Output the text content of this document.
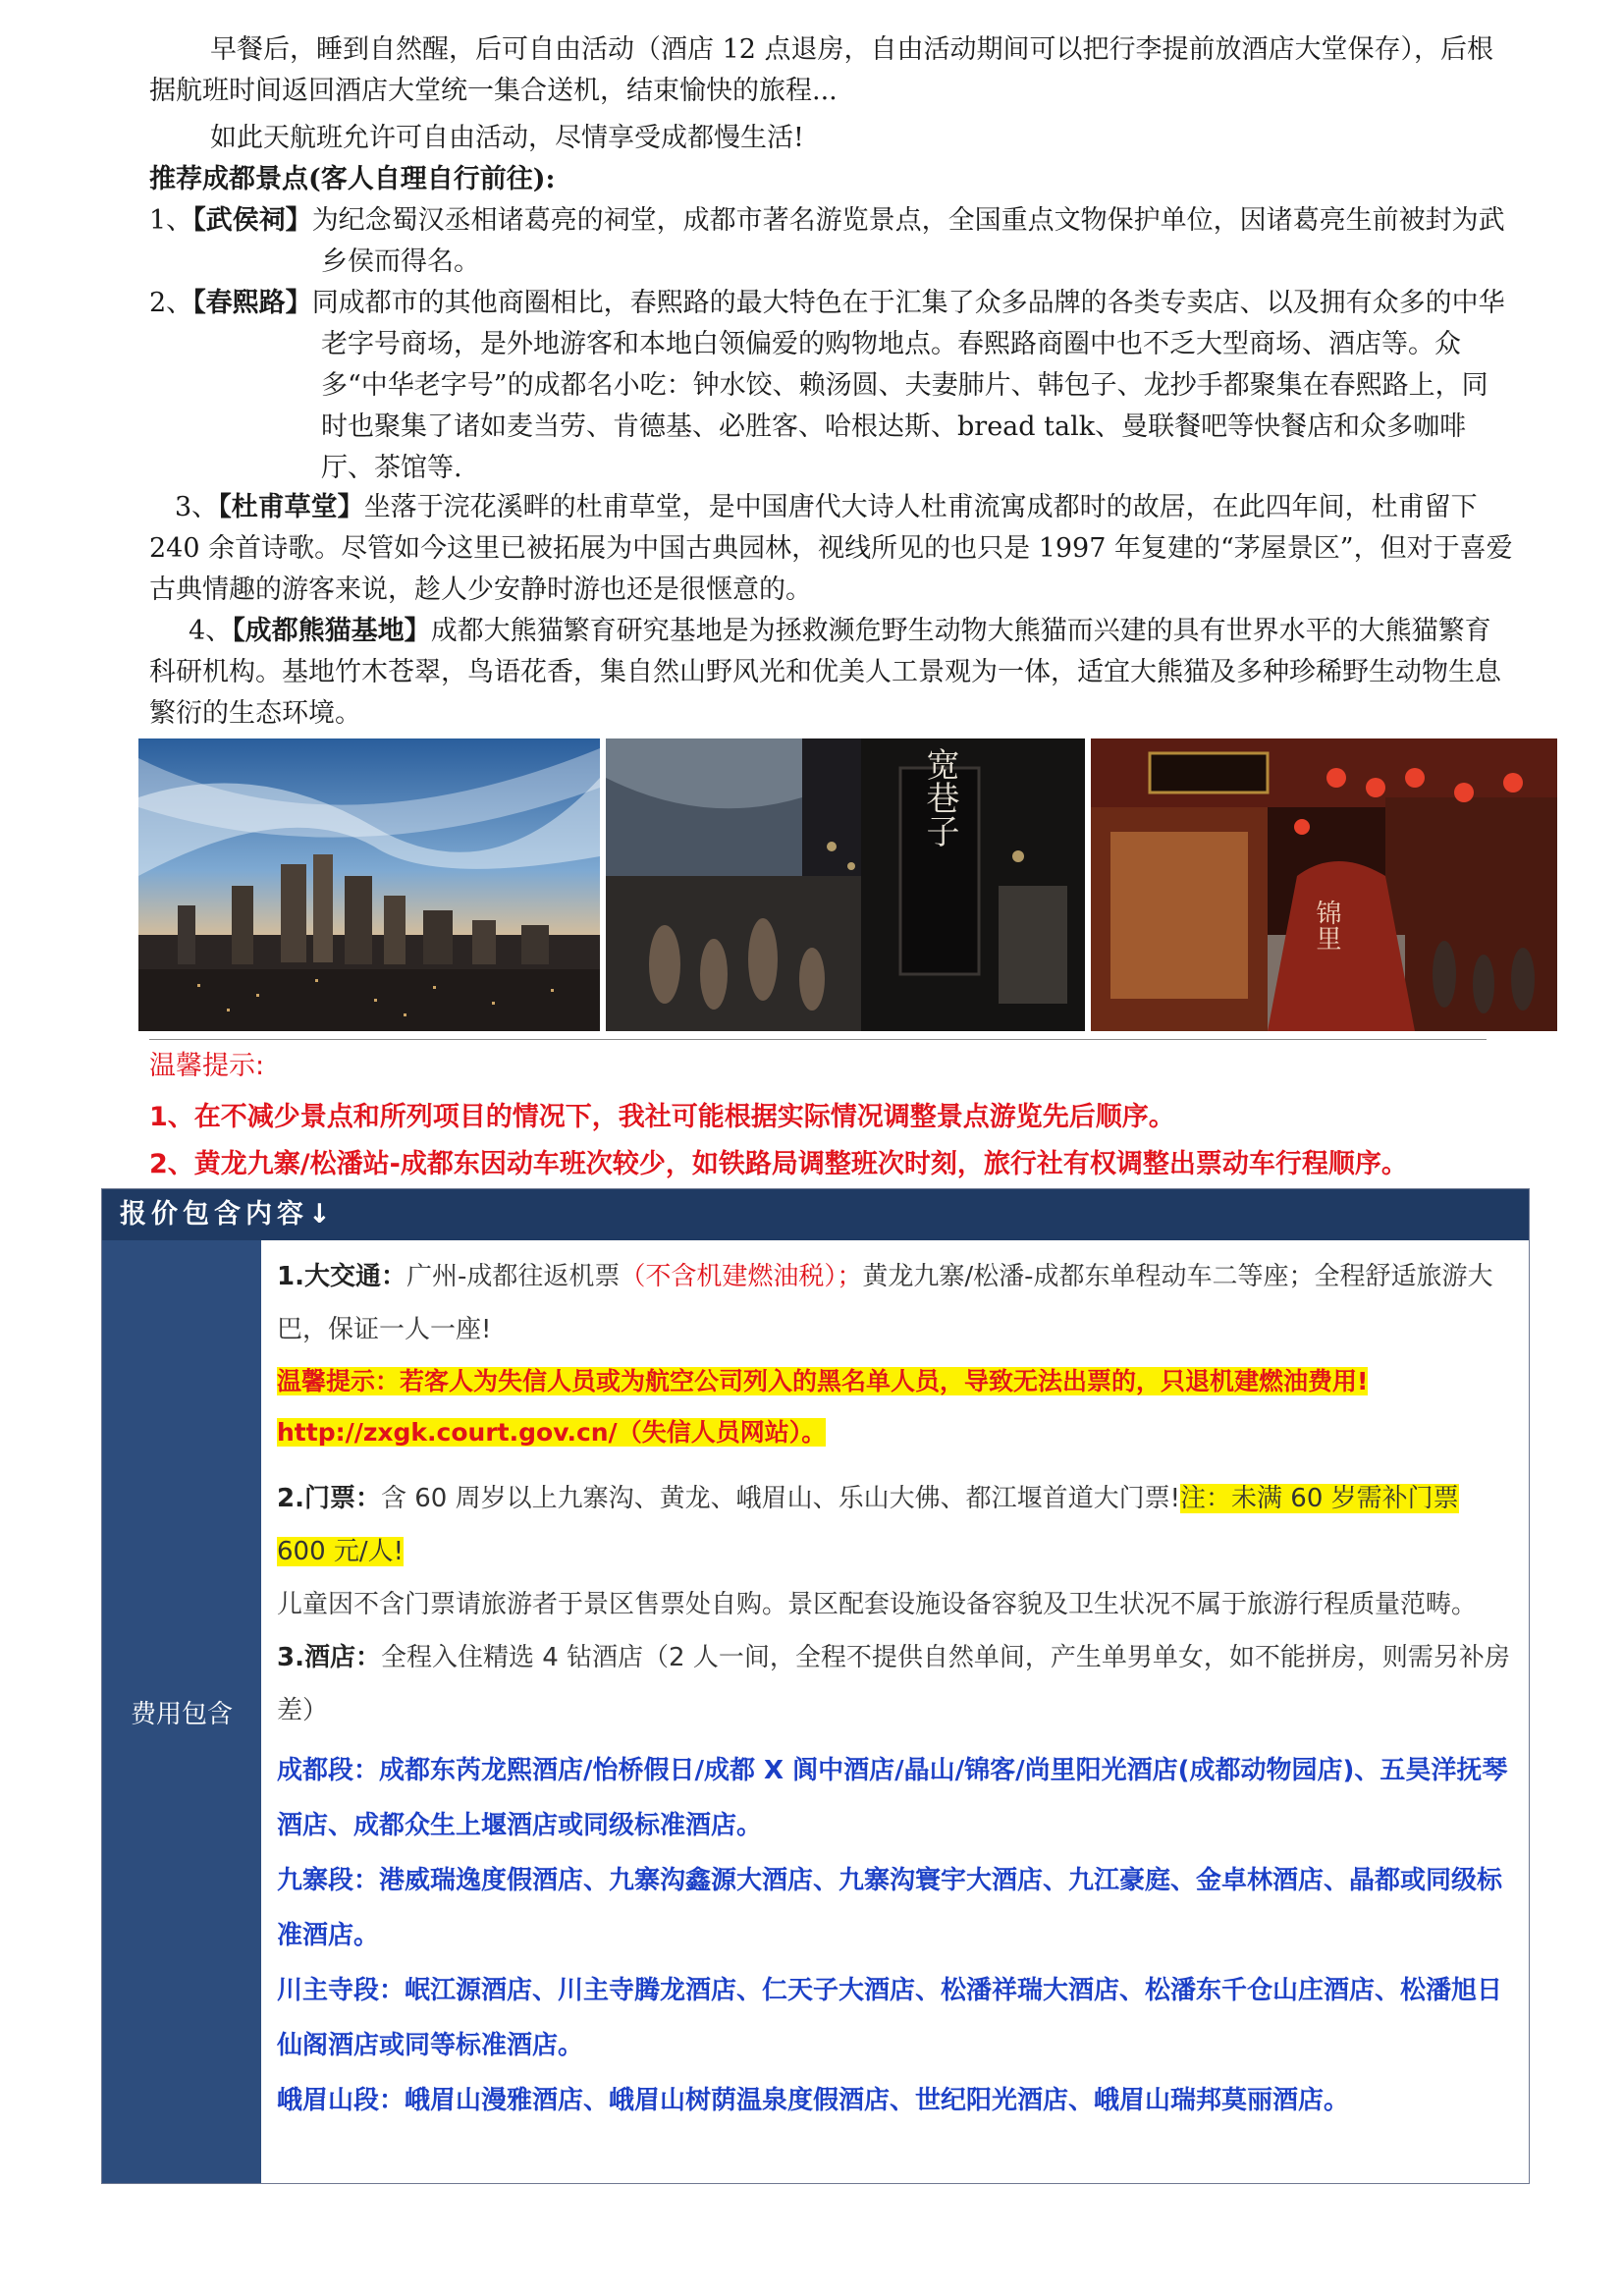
早餐后，睡到自然醒，后可自由活动（酒店 12 点退房，自由活动期间可以把行李提前放酒店大堂保存），后根据航班时间返回酒店大堂统一集合送机，结束愉快的旅程...

如此天航班允许可自由活动，尽情享受成都慢生活!

推荐成都景点(客人自理自行前往):

1、【武侯祠】为纪念蜀汉丞相诸葛亮的祠堂，成都市著名游览景点，全国重点文物保护单位，因诸葛亮生前被封为武乡侯而得名。
2、【春熙路】同成都市的其他商圈相比，春熙路的最大特色在于汇集了众多品牌的各类专卖店、以及拥有众多的中华老字号商场，是外地游客和本地白领偏爱的购物地点。春熙路商圈中也不乏大型商场、酒店等。众多“中华老字号”的成都名小吃：钟水饺、赖汤圆、夫妻肺片、韩包子、龙抄手都聚集在春熙路上，同时也聚集了诸如麦当劳、肯德基、必胜客、哈根达斯、bread talk、曼联餐吧等快餐店和众多咖啡厅、茶馆等.
3、【杜甫草堂】坐落于浣花溪畔的杜甫草堂，是中国唐代大诗人杜甫流寓成都时的故居，在此四年间，杜甫留下 240 余首诗歌。尽管如今这里已被拓展为中国古典园林，视线所见的也只是 1997 年复建的“茅屋景区”，但对于喜爱古典情趣的游客来说，趁人少安静时游也还是很惬意的。
4、【成都熊猫基地】成都大熊猫繁育研究基地是为拯救濒危野生动物大熊猫而兴建的具有世界水平的大熊猫繁育科研机构。基地竹木苍翠，鸟语花香，集自然山野风光和优美人工景观为一体，适宜大熊猫及多种珍稀野生动物生息繁衍的生态环境。
宽巷子
锦里
温馨提示:
1、在不减少景点和所列项目的情况下，我社可能根据实际情况调整景点游览先后顺序。
2、黄龙九寨/松潘站-成都东因动车班次较少，如铁路局调整班次时刻，旅行社有权调整出票动车行程顺序。
报价包含内容↓
费用包含

1.大交通：广州-成都往返机票（不含机建燃油税）；黄龙九寨/松潘-成都东单程动车二等座；全程舒适旅游大巴，保证一人一座!

温馨提示：若客人为失信人员或为航空公司列入的黑名单人员，导致无法出票的，只退机建燃油费用!
http://zxgk.court.gov.cn/（失信人员网站）。

2.门票：含 60 周岁以上九寨沟、黄龙、峨眉山、乐山大佛、都江堰首道大门票!注：未满 60 岁需补门票 600 元/人!

儿童因不含门票请旅游者于景区售票处自购。景区配套设施设备容貌及卫生状况不属于旅游行程质量范畴。

3.酒店：全程入住精选 4 钻酒店（2 人一间，全程不提供自然单间，产生单男单女，如不能拼房，则需另补房差）

成都段：成都东芮龙熙酒店/怡桥假日/成都 X 阆中酒店/晶山/锦客/尚里阳光酒店(成都动物园店)、五昊洋抚琴酒店、成都众生上堰酒店或同级标准酒店。

九寨段：港威瑞逸度假酒店、九寨沟鑫源大酒店、九寨沟寰宇大酒店、九江豪庭、金卓林酒店、晶都或同级标准酒店。

川主寺段：岷江源酒店、川主寺腾龙酒店、仁天子大酒店、松潘祥瑞大酒店、松潘东千仓山庄酒店、松潘旭日仙阁酒店或同等标准酒店。

峨眉山段：峨眉山漫雅酒店、峨眉山树荫温泉度假酒店、世纪阳光酒店、峨眉山瑞邦莫丽酒店。
